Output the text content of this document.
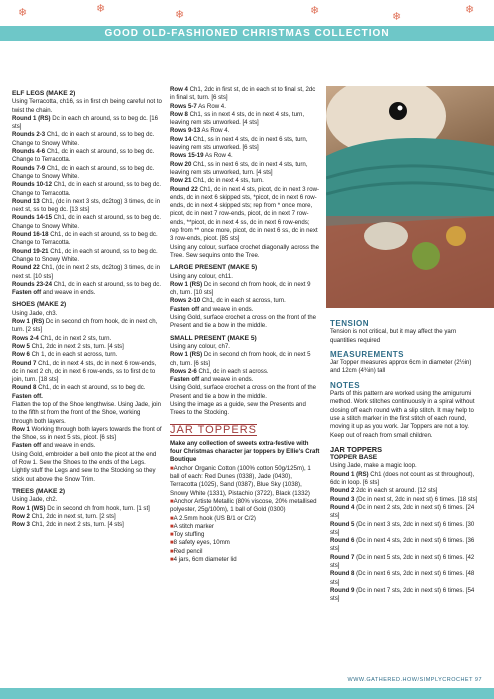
❄	❄	❄	❄	❄
❄
GOOD OLD-FASHIONED CHRISTMAS COLLECTION

ELF LEGS (MAKE 2)

Using Terracotta, ch16, ss in first ch being careful not to twist the chain.

Round 1 (RS) Dc in each ch around, ss to beg dc. [16 sts]

Rounds 2-3 Ch1, dc in each st around, ss to beg dc.

Change to Snowy White.

Rounds 4-6 Ch1, dc in each st around, ss to beg dc.

Change to Terracotta.

Rounds 7-9 Ch1, dc in each st around, ss to beg dc.

Change to Snowy White.

Rounds 10-12 Ch1, dc in each st around, ss to beg dc.

Change to Terracotta.

Round 13 Ch1, (dc in next 3 sts, dc2tog) 3 times, dc in next st, ss to beg dc. [13 sts]

Rounds 14-15 Ch1, dc in each st around, ss to beg dc.

Change to Snowy White.

Round 16-18 Ch1, dc in each st around, ss to beg dc.

Change to Terracotta.

Round 19-21 Ch1, dc in each st around, ss to beg dc.

Change to Snowy White.

Round 22 Ch1, (dc in next 2 sts, dc2tog) 3 times, dc in next st. [10 sts]

Rounds 23-24 Ch1, dc in each st around, ss to beg dc.

Fasten off and weave in ends.

SHOES (MAKE 2)

Using Jade, ch3.

Row 1 (RS) Dc in second ch from hook, dc in next ch, turn. [2 sts]

Rows 2-4 Ch1, dc in next 2 sts, turn.

Row 5 Ch1, 2dc in next 2 sts, turn. [4 sts]

Row 6 Ch 1, dc in each st across, turn.

Round 7 Ch1, dc in next 4 sts, dc in next 6 row-ends, dc in next 2 ch, dc in next 6 row-ends, ss to first dc to join, turn. [18 sts]

Round 8 Ch1, dc in each st around, ss to beg dc.

Fasten off.

Flatten the top of the Shoe lengthwise. Using Jade, join to the fifth st from the front of the Shoe, working through both layers.

Row 1 Working through both layers towards the front of the Shoe, ss in next 5 sts, picot. [6 sts]

Fasten off and weave in ends.

Using Gold, embroider a bell onto the picot at the end of Row 1. Sew the Shoes to the ends of the Legs. Lightly stuff the Legs and sew to the Stocking so they stick out above the Snow Trim.

TREES (MAKE 2)

Using Jade, ch2.

Row 1 (WS) Dc in second ch from hook, turn. [1 st]

Row 2 Ch1, 2dc in next st, turn. [2 sts]

Row 3 Ch1, 2dc in next 2 sts, turn. [4 sts]

Row 4 Ch1, 2dc in first st, dc in each st to final st, 2dc in final st, turn. [6 sts]

Rows 5-7 As Row 4.

Row 8 Ch1, ss in next 4 sts, dc in next 4 sts, turn, leaving rem sts unworked. [4 sts]

Rows 9-13 As Row 4.

Row 14 Ch1, ss in next 4 sts, dc in next 6 sts, turn, leaving rem sts unworked. [6 sts]

Rows 15-19 As Row 4.

Row 20 Ch1, ss in next 6 sts, dc in next 4 sts, turn, leaving rem sts unworked, turn. [4 sts]

Row 21 Ch1, dc in next 4 sts, turn.

Round 22 Ch1, dc in next 4 sts, picot, dc in next 3 row-ends, dc in next 6 skipped sts, *picot, dc in next 6 row-ends, dc in next 4 skipped sts; rep from * once more, picot, dc in next 7 row-ends, picot, dc in next 7 row-ends, **picot, dc in next 4 ss, dc in next 6 row-ends; rep from ** once more, picot, dc in next 6 ss, dc in next 3 row-ends, picot. [85 sts]

Using any colour, surface crochet diagonally across the Tree. Sew sequins onto the Tree.

LARGE PRESENT (MAKE 5)

Using any colour, ch11.

Row 1 (RS) Dc in second ch from hook, dc in next 9 ch, turn. [10 sts]

Rows 2-10 Ch1, dc in each st across, turn.

Fasten off and weave in ends.

Using Gold, surface crochet a cross on the front of the Present and tie a bow in the middle.

SMALL PRESENT (MAKE 5)

Using any colour, ch7.

Row 1 (RS) Dc in second ch from hook, dc in next 5 ch, turn. [6 sts]

Rows 2-6 Ch1, dc in each st across.

Fasten off and weave in ends.

Using Gold, surface crochet a cross on the front of the Present and tie a bow in the middle.

Using the image as a guide, sew the Presents and Trees to the Stocking.

JAR TOPPERS

Make any collection of sweets extra-festive with four Christmas character jar toppers by Ellie's Craft Boutique

■ Anchor Organic Cotton (100% cotton 50g/125m), 1 ball of each: Red Dunes (0338), Jade (0430), Terracotta (1025), Sand (0387), Blue Sky (1038), Snowy White (1331), Pistachio (3722), Black (1332)

■ Anchor Artiste Metallic (80% viscose, 20% metallised polyester, 25g/100m), 1 ball of Gold (0300)

■ A 2.5mm hook (US B/1 or C/2)

■ A stitch marker

■ Toy stuffing

■ 8 safety eyes, 10mm

■ Red pencil

■ 4 jars, 6cm diameter lid

TENSION

Tension is not critical, but it may affect the yarn quantities required

MEASUREMENTS

Jar Topper measures approx 6cm in diameter (2½in) and 12cm (4¾in) tall

NOTES

Parts of this pattern are worked using the amigurumi method. Work stitches continuously in a spiral without closing off each round with a slip stitch. It may help to use a stitch marker in the first stitch of each round, moving it up as you work. Jar Toppers are not a toy. Keep out of reach from small children.

JAR TOPPERS

TOPPER BASE

Using Jade, make a magic loop.

Round 1 (RS) Ch1 (does not count as st throughout), 6dc in loop. [6 sts]

Round 2 2dc in each st around. [12 sts]

Round 3 (Dc in next st, 2dc in next st) 6 times. [18 sts]

Round 4 (Dc in next 2 sts, 2dc in next st) 6 times. [24 sts]

Round 5 (Dc in next 3 sts, 2dc in next st) 6 times. [30 sts]

Round 6 (Dc in next 4 sts, 2dc in next st) 6 times. [36 sts]

Round 7 (Dc in next 5 sts, 2dc in next st) 6 times. [42 sts]

Round 8 (Dc in next 6 sts, 2dc in next st) 6 times. [48 sts]

Round 9 (Dc in next 7 sts, 2dc in next st) 6 times. [54 sts]

WWW.GATHERED.HOW/SIMPLYCROCHET 97
